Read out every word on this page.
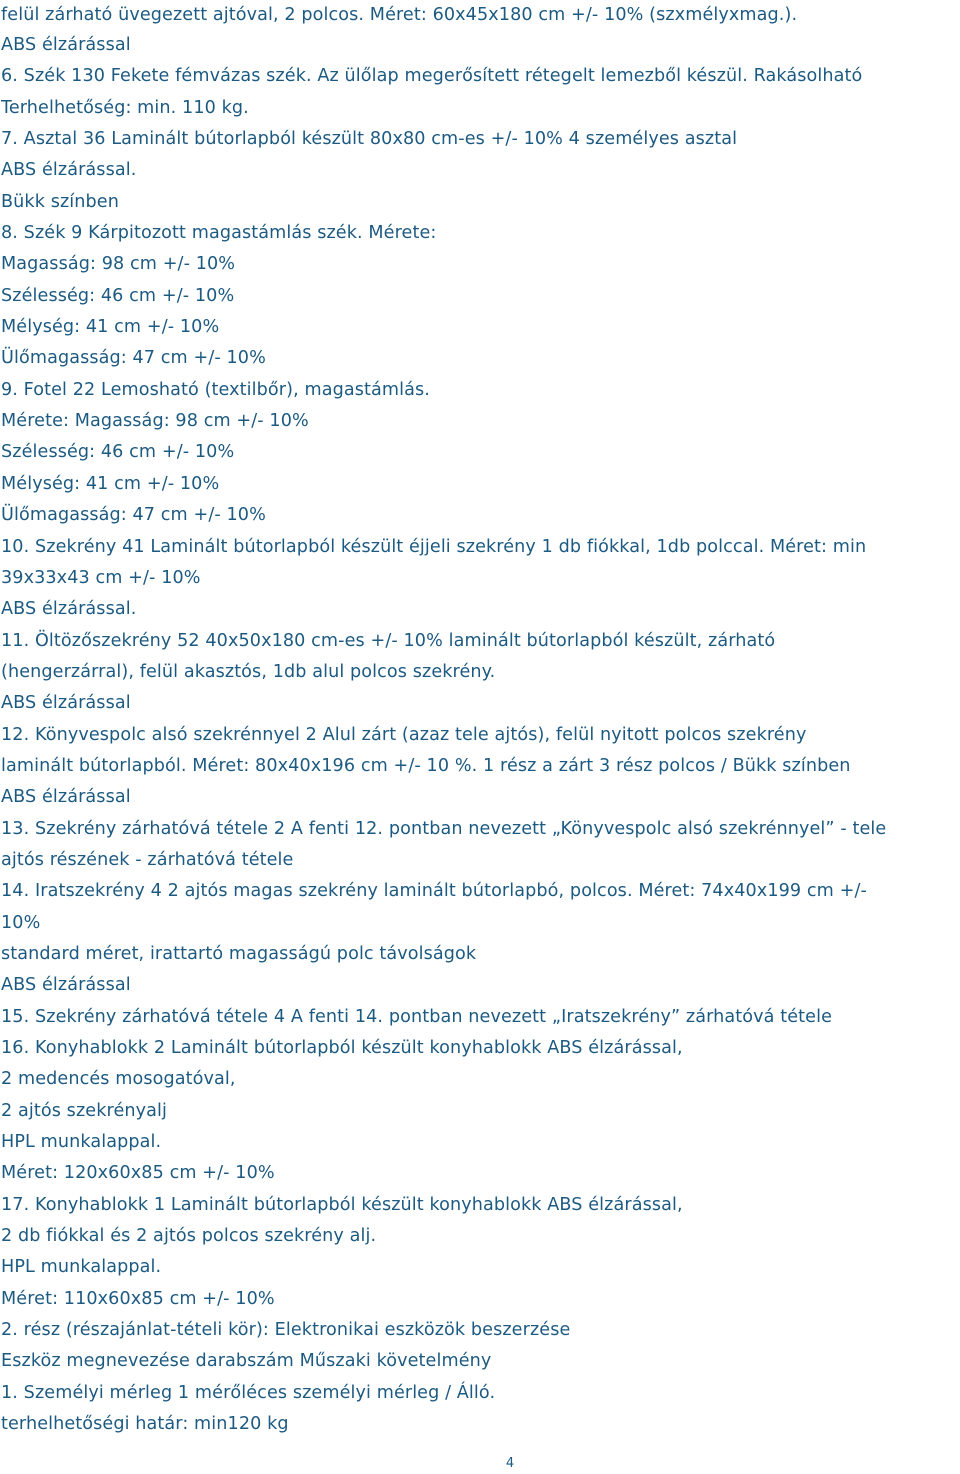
felül zárható üvegezett ajtóval, 2 polcos. Méret: 60x45x180 cm +/- 10% (szxmélyxmag.).
ABS élzárással
6. Szék 130 Fekete fémvázas szék. Az ülőlap megerősített rétegelt lemezből készül. Rakásolható
Terhelhetőség: min. 110 kg.
7. Asztal 36 Laminált bútorlapból készült 80x80 cm-es +/- 10% 4 személyes asztal
ABS élzárással.
Bükk színben
8. Szék 9 Kárpitozott magastámlás szék. Mérete:
Magasság: 98 cm +/- 10%
Szélesség: 46 cm +/- 10%
Mélység: 41 cm +/- 10%
Ülőmagasság: 47 cm +/- 10%
9. Fotel 22 Lemosható (textilbőr), magastámlás.
Mérete: Magasság: 98 cm +/- 10%
Szélesség: 46 cm +/- 10%
Mélység: 41 cm +/- 10%
Ülőmagasság: 47 cm +/- 10%
10. Szekrény 41 Laminált bútorlapból készült éjjeli szekrény 1 db fiókkal, 1db polccal. Méret: min
39x33x43 cm +/- 10%
ABS élzárással.
11. Öltözőszekrény 52 40x50x180 cm-es +/- 10% laminált bútorlapból készült, zárható
(hengerzárral), felül akasztós, 1db alul polcos szekrény.
ABS élzárással
12. Könyvespolc alsó szekrénnyel 2 Alul zárt (azaz tele ajtós), felül nyitott polcos szekrény
laminált bútorlapból. Méret: 80x40x196 cm +/- 10 %. 1 rész a zárt 3 rész polcos / Bükk színben
ABS élzárással
13. Szekrény zárhatóvá tétele 2 A fenti 12. pontban nevezett „Könyvespolc alsó szekrénnyel” - tele
ajtós részének - zárhatóvá tétele
14. Iratszekrény 4 2 ajtós magas szekrény laminált bútorlapbó, polcos. Méret: 74x40x199 cm +/-
10%
standard méret, irattartó magasságú polc távolságok
ABS élzárással
15. Szekrény zárhatóvá tétele 4 A fenti 14. pontban nevezett „Iratszekrény” zárhatóvá tétele
16. Konyhablokk 2 Laminált bútorlapból készült konyhablokk ABS élzárással,
2 medencés mosogatóval,
2 ajtós szekrényalj
HPL munkalappal.
Méret: 120x60x85 cm +/- 10%
17. Konyhablokk 1 Laminált bútorlapból készült konyhablokk ABS élzárással,
2 db fiókkal és 2 ajtós polcos szekrény alj.
HPL munkalappal.
Méret: 110x60x85 cm +/- 10%
2. rész (részajánlat-tételi kör): Elektronikai eszközök beszerzése
Eszköz megnevezése darabszám Műszaki követelmény
1. Személyi mérleg 1 mérőléces személyi mérleg / Álló.
terhelhetőségi határ: min120 kg
4
